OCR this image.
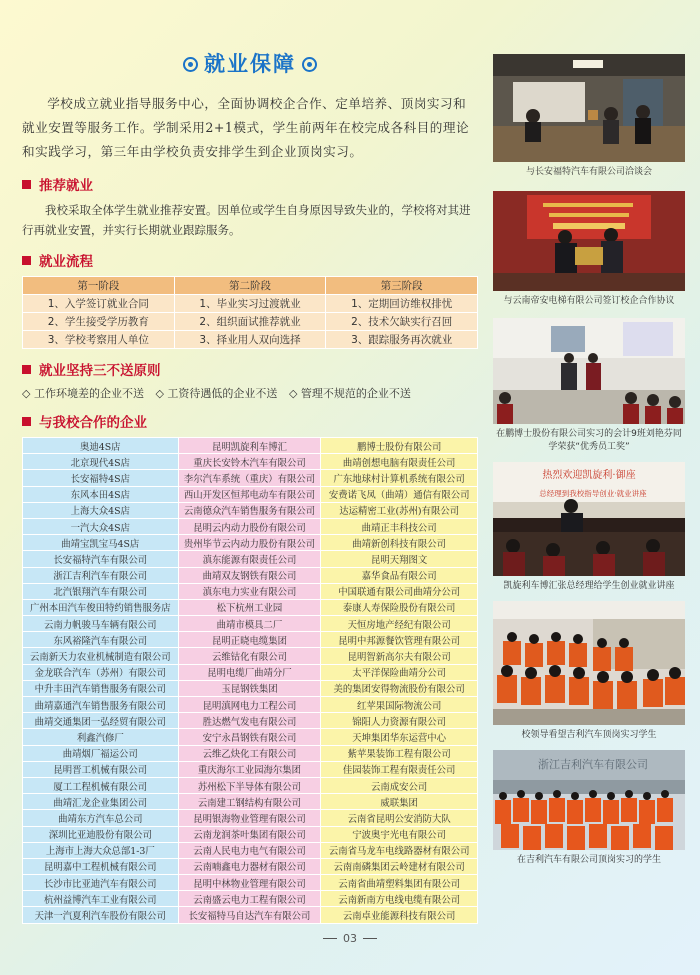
就业保障

学校成立就业指导服务中心，全面协调校企合作、定单培养、顶岗实习和就业安置等服务工作。学制采用2+1模式，学生前两年在校完成各科目的理论和实践学习，第三年由学校负责安排学生到企业顶岗实习。

推荐就业

我校采取全体学生就业推荐安置。因单位或学生自身原因导致失业的，学校将对其进行再就业安置，并实行长期就业跟踪服务。

就业流程
第一阶段	第二阶段	第三阶段
1、入学签订就业合同	1、毕业实习过渡就业	1、定期回访维权排忧
2、学生接受学历教育	2、组织面试推荐就业	2、技术欠缺实行召回
3、学校考察用人单位	3、择业用人双向选择	3、跟踪服务再次就业
就业坚持三不送原则
◇ 工作环境差的企业不送 ◇ 工资待遇低的企业不送 ◇ 管理不规范的企业不送
与我校合作的企业
奥迪4S店	昆明凯旋利车博汇	鹏博士股份有限公司
北京现代4S店	重庆长安铃木汽车有限公司	曲靖创想电脑有限责任公司
长安福特4S店	李尔汽车系统（重庆）有限公司	广东地球村计算机系统有限公司
东风本田4S店	西山开发区恒邦电动车有限公司	安费诺飞凤（曲靖）通信有限公司
上海大众4S店	云南德众汽车销售服务有限公司	达运精密工业(苏州)有限公司
一汽大众4S店	昆明云内动力股份有限公司	曲靖正丰科技公司
曲靖宝凯宝马4S店	贵州毕节云内动力股份有限公司	曲靖新创科技有限公司
长安福特汽车有限公司	滇东能源有限责任公司	昆明天翔图文
浙江吉利汽车有限公司	曲靖双友钢铁有限公司	嘉华食品有限公司
北汽银翔汽车有限公司	滇东电力实业有限公司	中国联通有限公司曲靖分公司
广州本田汽车俊田特约销售服务店	松下杭州工业园	泰康人寿保险股份有限公司
云南力帆骏马车辆有限公司	曲靖市模具二厂	天恒房地产经纪有限公司
东风裕隆汽车有限公司	昆明正晓电缆集团	昆明中邦源餐饮管理有限公司
云南新天力农业机械制造有限公司	云维钴化有限公司	昆明智新高尔夫有限公司
金龙联合汽车（苏州）有限公司	昆明电缆厂曲靖分厂	太平洋保险曲靖分公司
中升丰田汽车销售服务有限公司	玉昆钢铁集团	美的集团安得物流股份有限公司
曲靖嘉通汽车销售服务有限公司	昆明滇网电力工程公司	红苹果国际物流公司
曲靖交通集团一弘经贸有限公司	胜达燃气发电有限公司	锦阳人力资源有限公司
利鑫汽修厂	安宁永昌钢铁有限公司	天坤集团华东运营中心
曲靖烟厂福运公司	云维乙炔化工有限公司	紫苹果装饰工程有限公司
昆明晋工机械有限公司	重庆海尔工业园海尔集团	佳园装饰工程有限责任公司
厦工工程机械有限公司	苏州松下半导体有限公司	云南成安公司
曲靖汇龙企业集团公司	云南建工钢结构有限公司	威联集团
曲靖东方汽车总公司	昆明银海物业管理有限公司	云南省昆明公安消防大队
深圳比亚迪股份有限公司	云南龙润茶叶集团有限公司	宁波奥宇光电有限公司
上海市上海大众总部1-3厂	云南人民电力电气有限公司	云南省马龙车电线路器材有限公司
昆明嘉中工程机械有限公司	云南喃鑫电力器材有限公司	云南南磷集团云岭建材有限公司
长沙市比亚迪汽车有限公司	昆明中林物业管理有限公司	云南省曲靖塑料集团有限公司
杭州益博汽车工业有限公司	云南盛云电力工程有限公司	云南新南方电线电缆有限公司
天津一汽夏利汽车股份有限公司	长安福特马自达汽车有限公司	云南卓业能源科技有限公司

与长安福特汽车有限公司洽谈会

与云南帝安电梯有限公司签订校企合作协议

在鹏博士股份有限公司实习的会计9班刘艳芬同学荣获“优秀员工奖”

热烈欢迎凯旋利·御座
总经理到我校指导创业·就业讲座

凯旋利车博汇张总经理给学生创业就业讲座

校领导看望吉利汽车顶岗实习学生

浙江吉利汽车有限公司

在吉利汽车有限公司顶岗实习的学生

03
